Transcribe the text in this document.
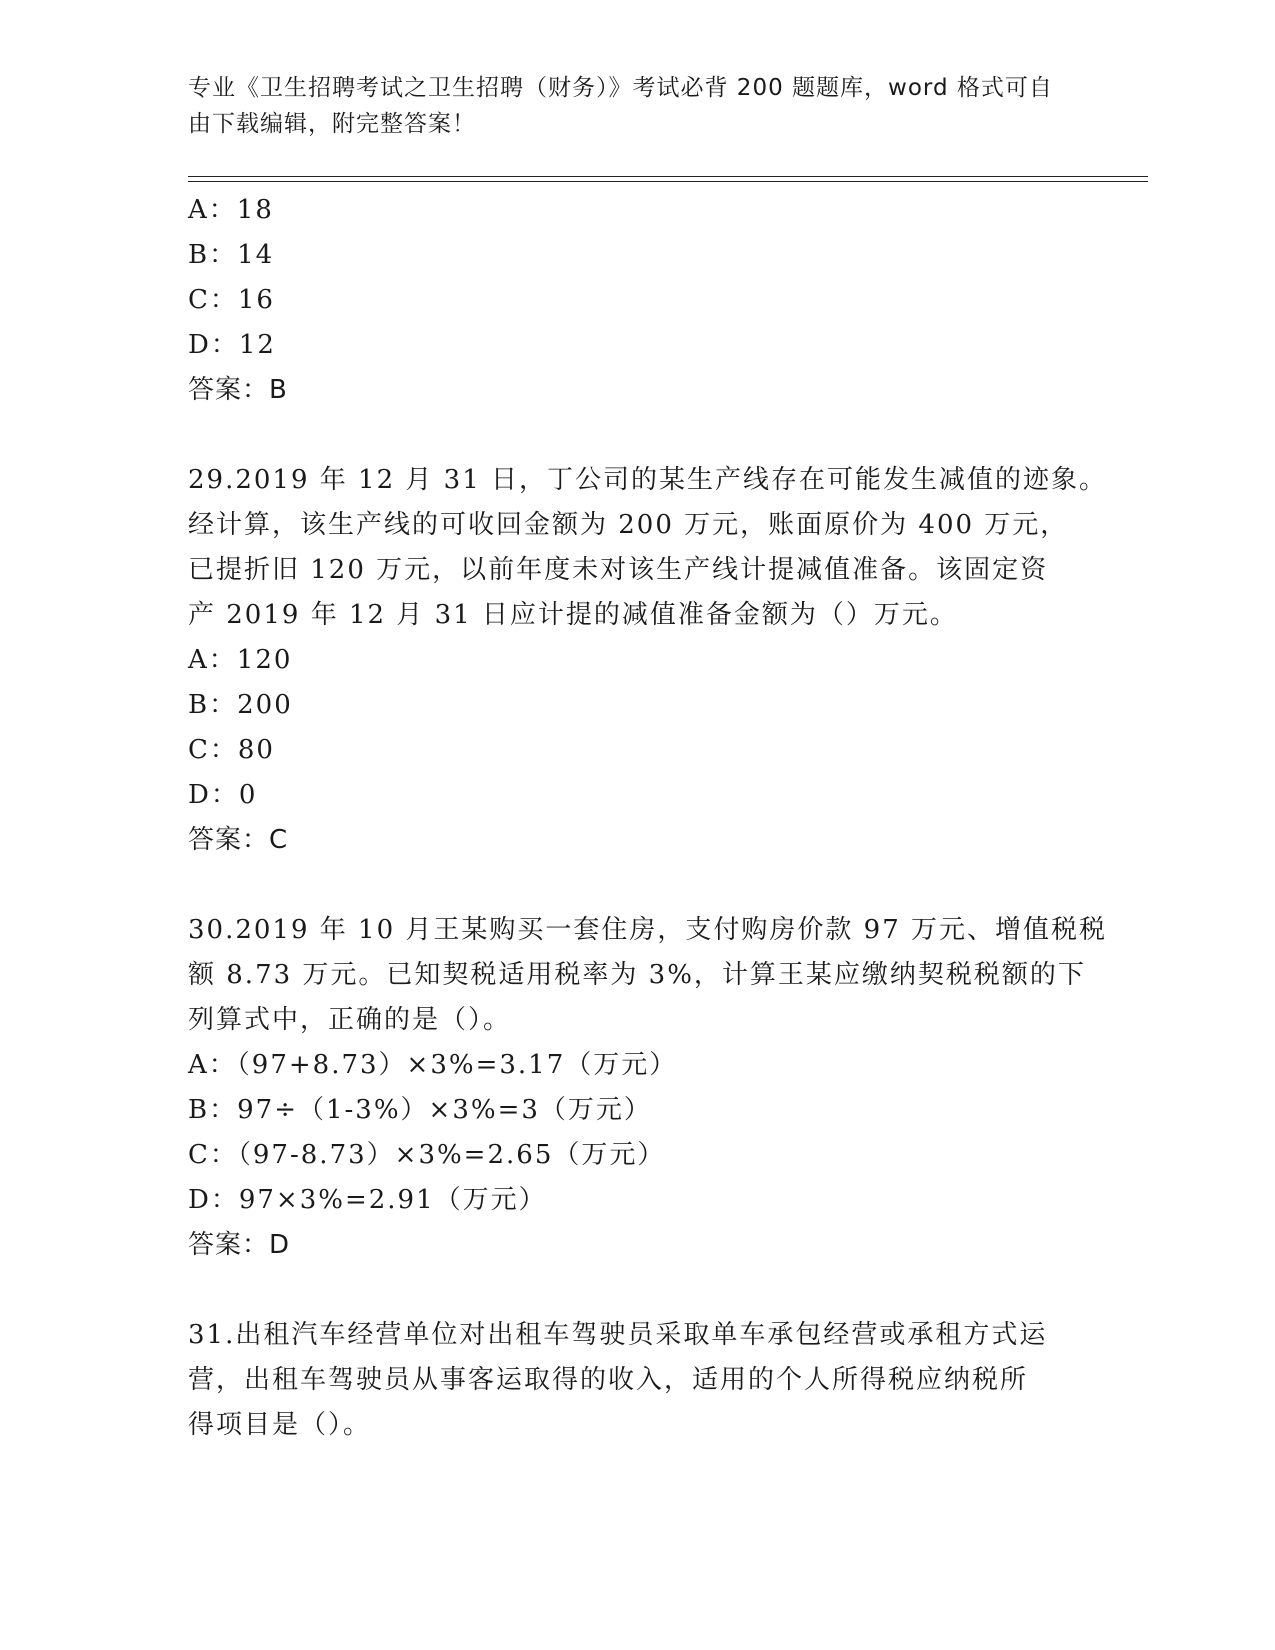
专业《卫生招聘考试之卫生招聘（财务）》考试必背 200 题题库，word 格式可自
由下载编辑，附完整答案！
A：18
B：14
C：16
D：12
答案：B
29.2019 年 12 月 31 日，丁公司的某生产线存在可能发生减值的迹象。
经计算，该生产线的可收回金额为 200 万元，账面原价为 400 万元，
已提折旧 120 万元，以前年度未对该生产线计提减值准备。该固定资
产 2019 年 12 月 31 日应计提的减值准备金额为（）万元。
A：120
B：200
C：80
D：0
答案：C
30.2019 年 10 月王某购买一套住房，支付购房价款 97 万元、增值税税
额 8.73 万元。已知契税适用税率为 3%，计算王某应缴纳契税税额的下
列算式中，正确的是（）。
A：（97+8.73）×3%=3.17（万元）
B：97÷（1-3%）×3%=3（万元）
C：（97-8.73）×3%=2.65（万元）
D：97×3%=2.91（万元）
答案：D
31.出租汽车经营单位对出租车驾驶员采取单车承包经营或承租方式运
营，出租车驾驶员从事客运取得的收入，适用的个人所得税应纳税所
得项目是（）。
